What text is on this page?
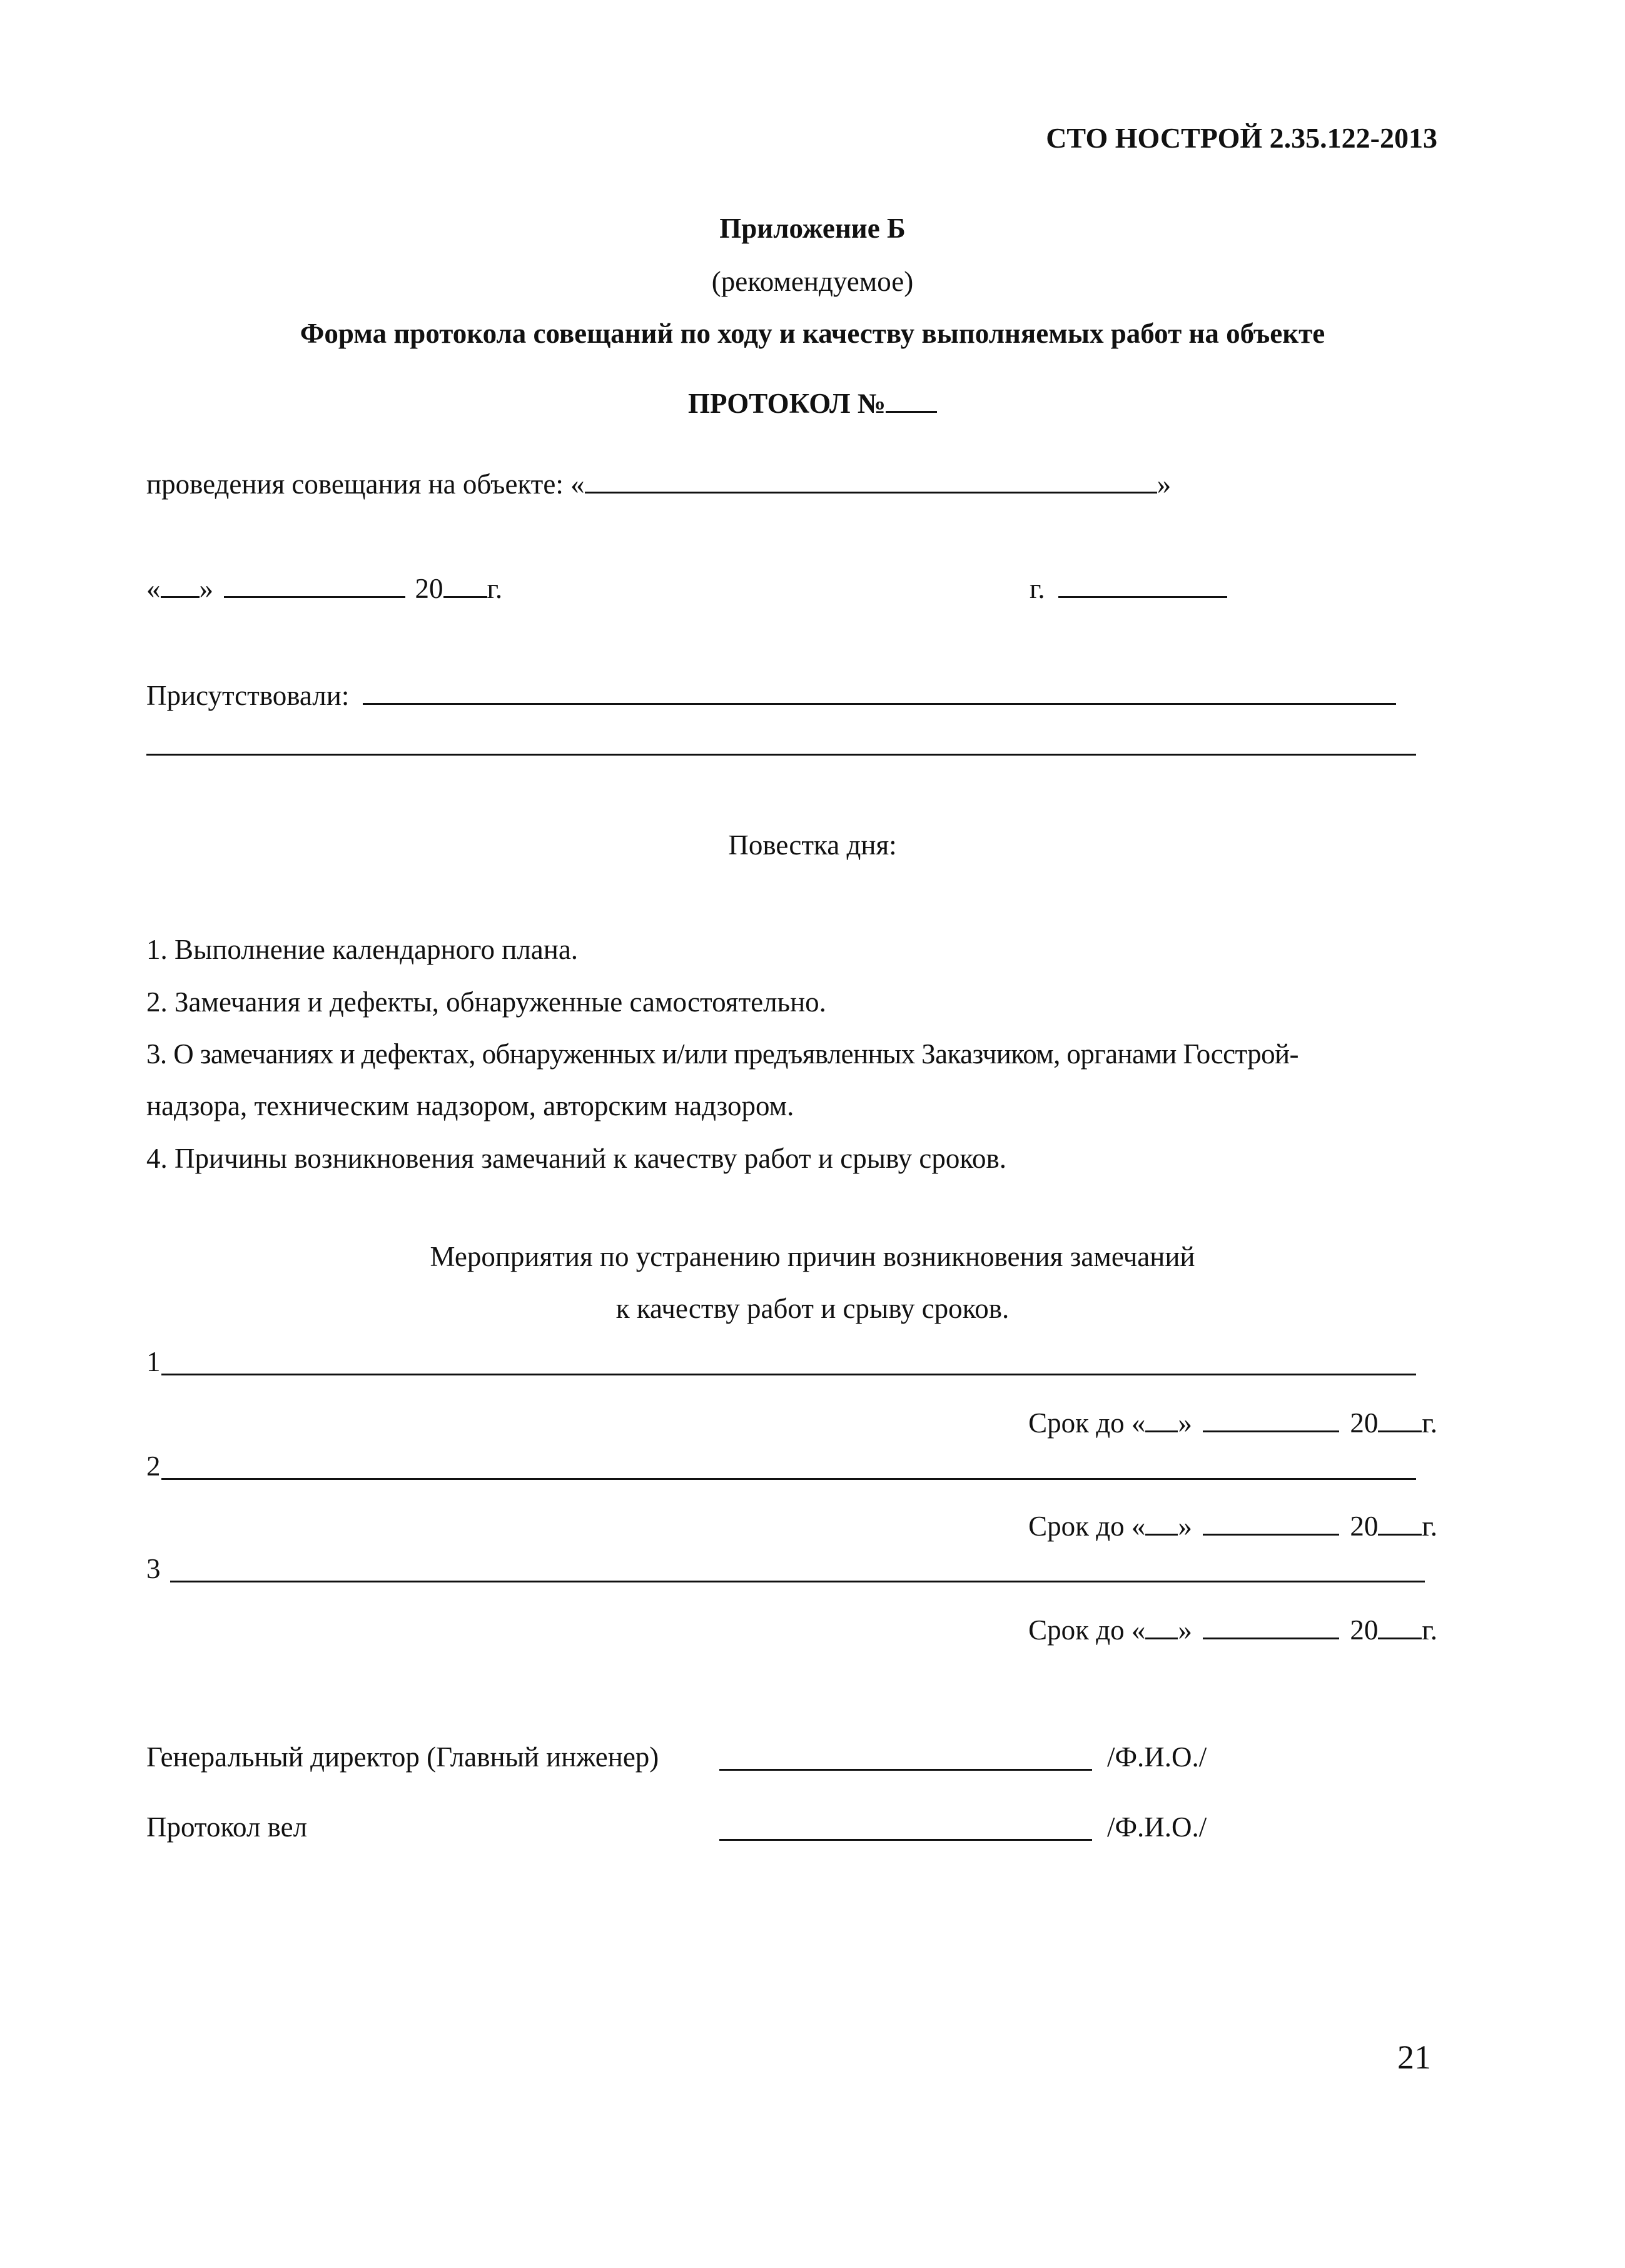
СТО НОСТРОЙ 2.35.122-2013
Приложение Б
(рекомендуемое)
Форма протокола совещаний по ходу и качеству выполняемых работ на объекте
ПРОТОКОЛ №
проведения совещания на объекте: «	»
« »	20 г.	г.
Присутствовали:
Повестка дня:
1. Выполнение календарного плана.
2. Замечания и дефекты, обнаруженные самостоятельно.
3. О замечаниях и дефектах, обнаруженных и/или предъявленных Заказчиком, органами Госстрой-
надзора, техническим надзором, авторским надзором.
4. Причины возникновения замечаний к качеству работ и срыву сроков.
Мероприятия по устранению причин возникновения замечаний
к качеству работ и срыву сроков.
1
Срок до « »	20 г.
2
Срок до « »	20 г.
3
Срок до « »	20 г.
Генеральный директор (Главный инженер)	/Ф.И.О./
Протокол вел	/Ф.И.О./
21
